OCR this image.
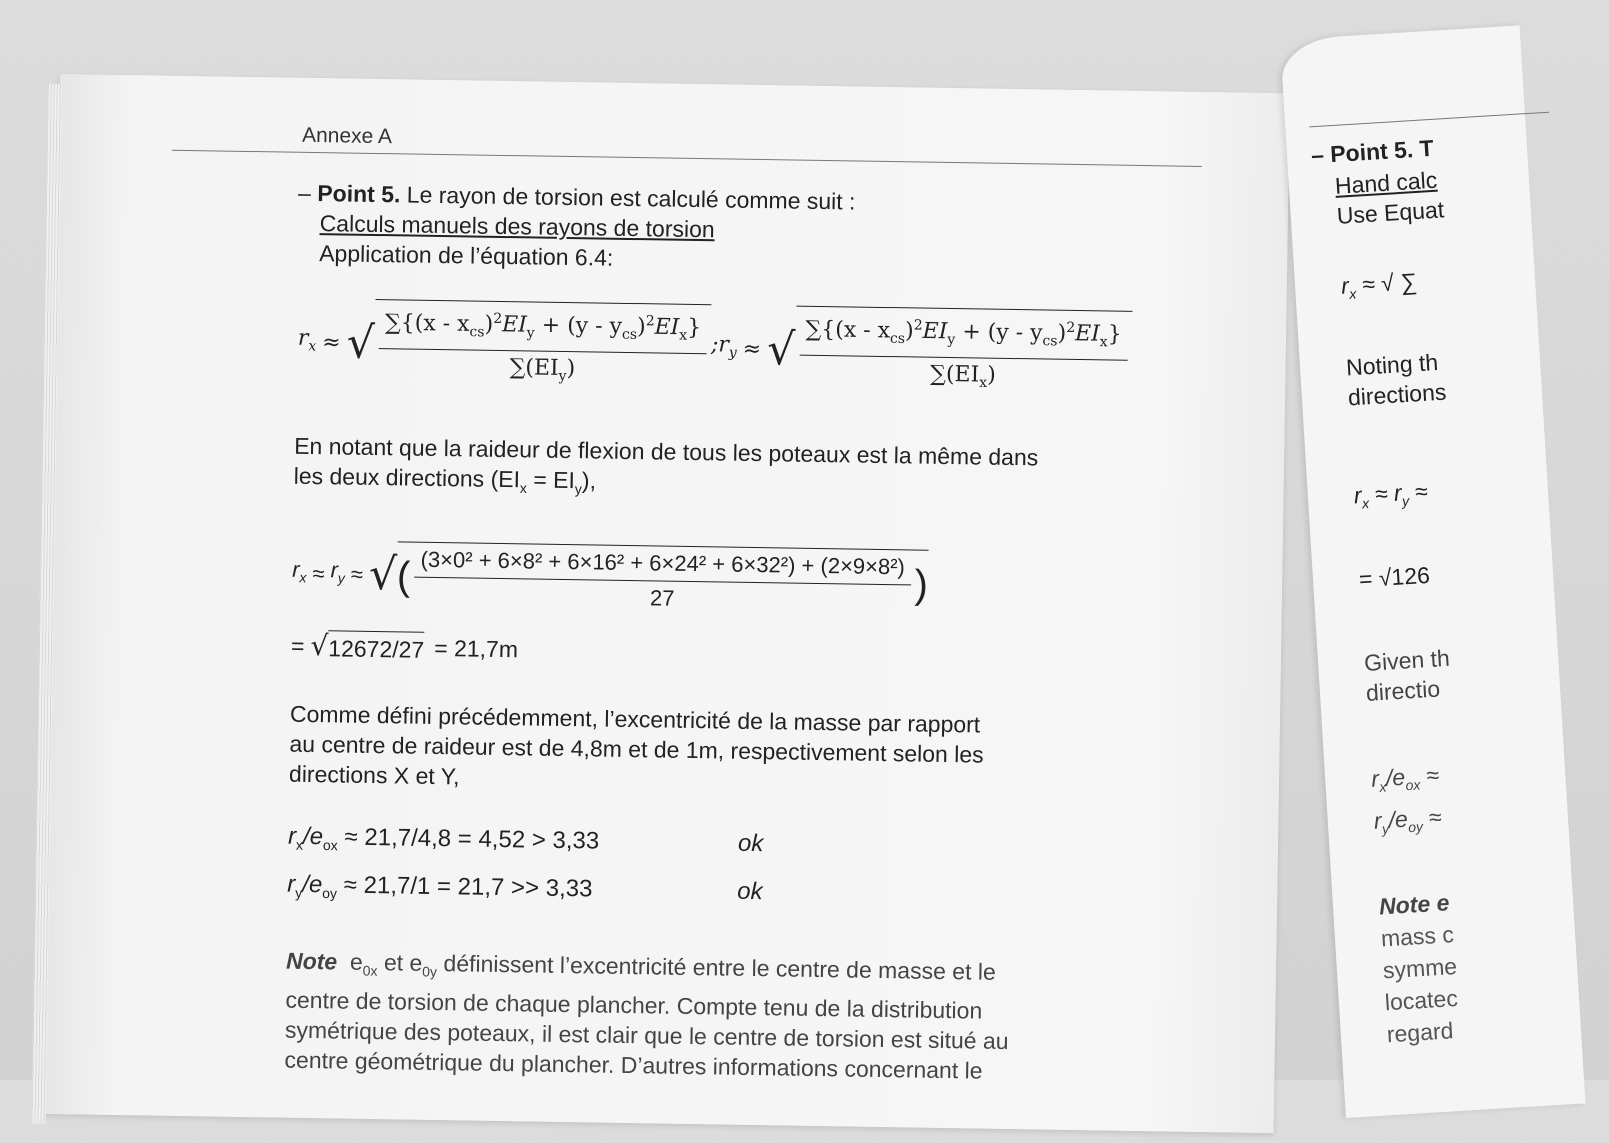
Annexe A
– Point 5. Le rayon de torsion est calculé comme suit :
Calculs manuels des rayons de torsion
Application de l’équation 6.4:
$r_x$ ≈ √ $\frac{\sum\{(x - x_{cs})^2EI_y + (y - y_{cs})^2EI_x\}}{\sum(EI_y)}$ $;r_y$ ≈ √ $\frac{\sum\{(x - x_{cs})^2EI_y + (y - y_{cs})^2EI_x\}}{\sum(EI_x)}$
En notant que la raideur de flexion de tous les poteaux est la même dans
les deux directions $(EI_x = EI_y)$,
$r_x \approx r_y$ ≈ √ ( $\frac{\text{(3×0² + 6×8² + 6×16² + 6×24² + 6×32²) + (2×9×8²)}}{27}$ )
= √ 12672/27 = 21,7m
Comme défini précédemment, l’excentricité de la masse par rapport
au centre de raideur est de 4,8m et de 1m, respectivement selon les
directions X et Y,
$r_x/e_{ox} \approx 21,7/4,8 = 4,52 > 3,33$	ok
$r_y/e_{oy} \approx 21,7/1 = 21,7 >> 3,33$	ok
Note $e_{0x}$ et $e_{0y}$ définissent l’excentricité entre le centre de masse et le
centre de torsion de chaque plancher. Compte tenu de la distribution
symétrique des poteaux, il est clair que le centre de torsion est situé au
centre géométrique du plancher. D’autres informations concernant le
– Point 5. T
Hand calc
Use Equat
$r_x$ ≈ √ ∑
Noting th
directions
$r_x \approx r_y$ ≈
= √126
Given th
directio
$r_x/e_{ox}$ ≈
$r_y/e_{oy}$ ≈
Note e
mass c
symme
locatec
regard
